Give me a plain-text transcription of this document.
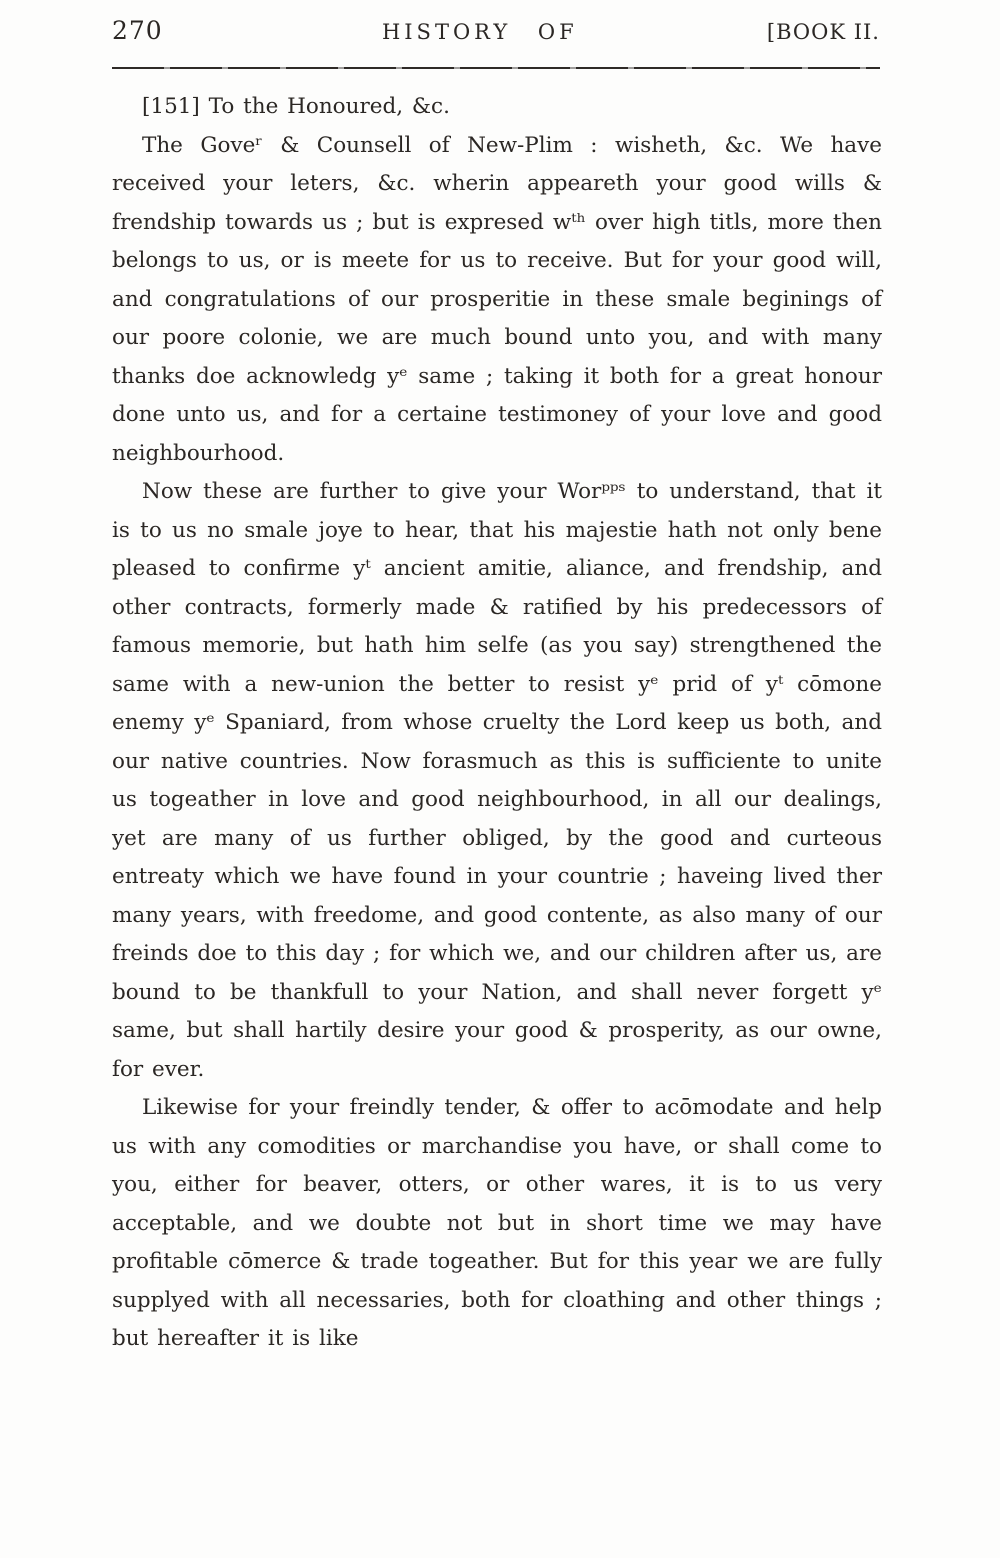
270	HISTORY OF	[BOOK II.

[151] To the Honoured, &c.

The Goveʳ & Counsell of New-Plim : wisheth, &c. We have received your leters, &c. wherin appeareth your good wills & frendship towards us ; but is expresed wᵗʰ over high titls, more then belongs to us, or is meete for us to receive. But for your good will, and congratulations of our prosperitie in these smale beginings of our poore colonie, we are much bound unto you, and with many thanks doe acknowledg yᵉ same ; taking it both for a great honour done unto us, and for a certaine testimoney of your love and good neighbourhood.

Now these are further to give your Worᵖᵖˢ to understand, that it is to us no smale joye to hear, that his majestie hath not only bene pleased to confirme yᵗ ancient amitie, aliance, and frendship, and other contracts, formerly made & ratified by his predecessors of famous memorie, but hath him selfe (as you say) strengthened the same with a new-union the better to resist yᵉ prid of yᵗ cōmone enemy yᵉ Spaniard, from whose cruelty the Lord keep us both, and our native countries. Now forasmuch as this is sufficiente to unite us togeather in love and good neighbourhood, in all our dealings, yet are many of us further obliged, by the good and curteous entreaty which we have found in your countrie ; haveing lived ther many years, with freedome, and good contente, as also many of our freinds doe to this day ; for which we, and our children after us, are bound to be thankfull to your Nation, and shall never forgett yᵉ same, but shall hartily desire your good & prosperity, as our owne, for ever.

Likewise for your freindly tender, & offer to acōmodate and help us with any comodities or marchandise you have, or shall come to you, either for beaver, otters, or other wares, it is to us very acceptable, and we doubte not but in short time we may have profitable cōmerce & trade togeather. But for this year we are fully supplyed with all necessaries, both for cloathing and other things ; but hereafter it is like
